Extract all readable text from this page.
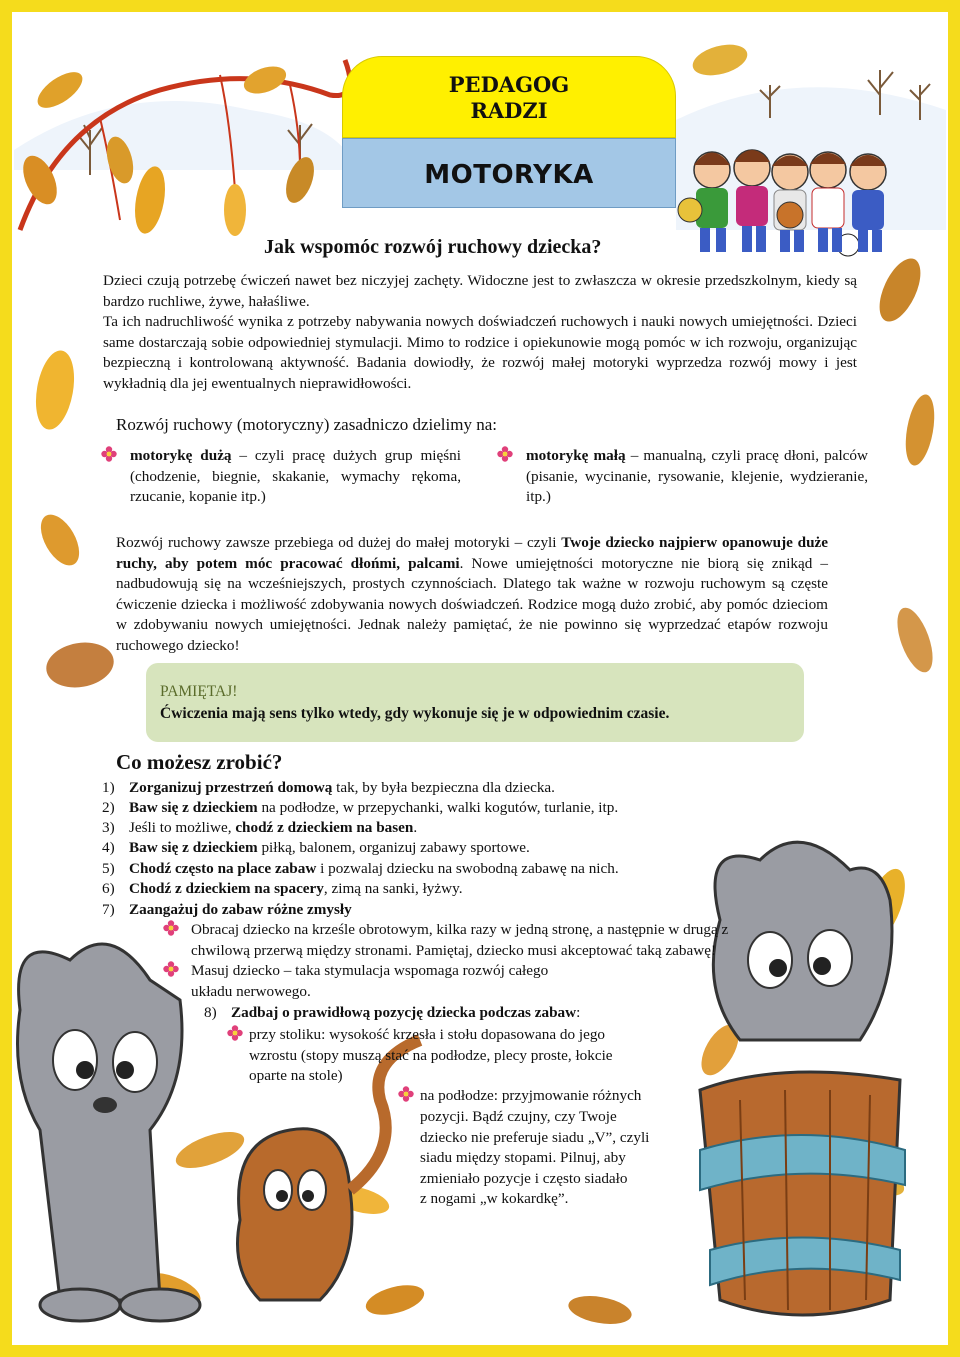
PEDAGOG
RADZI
MOTORYKA
Jak wspomóc rozwój ruchowy dziecka?
Dzieci czują potrzebę ćwiczeń nawet bez niczyjej zachęty. Widoczne jest to zwłaszcza w okresie przedszkolnym, kiedy są bardzo ruchliwe, żywe, hałaśliwe.
Ta ich nadruchliwość wynika z potrzeby nabywania nowych doświadczeń ruchowych i nauki nowych umiejętności. Dzieci same dostarczają sobie odpowiedniej stymulacji. Mimo to rodzice i opiekunowie mogą pomóc w ich rozwoju, organizując bezpieczną i kontrolowaną aktywność. Badania dowiodły, że rozwój małej motoryki wyprzedza rozwój mowy i jest wykładnią dla jej ewentualnych nieprawidłowości.
Rozwój ruchowy (motoryczny) zasadniczo dzielimy na:
motorykę dużą – czyli pracę dużych grup mięśni (chodzenie, biegnie, skakanie, wymachy rękoma, rzucanie, kopanie itp.)
motorykę małą – manualną, czyli pracę dłoni, palców (pisanie, wycinanie, rysowanie, klejenie, wydzieranie, itp.)
Rozwój ruchowy zawsze przebiega od dużej do małej motoryki – czyli Twoje dziecko najpierw opanowuje duże ruchy, aby potem móc pracować dłońmi, palcami. Nowe umiejętności motoryczne nie biorą się znikąd – nadbudowują się na wcześniejszych, prostych czynnościach. Dlatego tak ważne w rozwoju ruchowym są częste ćwiczenie dziecka i możliwość zdobywania nowych doświadczeń. Rodzice mogą dużo zrobić, aby pomóc dzieciom w zdobywaniu nowych umiejętności. Jednak należy pamiętać, że nie powinno się wyprzedzać etapów rozwoju ruchowego dziecko!
PAMIĘTAJ!
Ćwiczenia mają sens tylko wtedy, gdy wykonuje się je w odpowiednim czasie.
Co możesz zrobić?
1) Zorganizuj przestrzeń domową tak, by była bezpieczna dla dziecka.
2) Baw się z dzieckiem na podłodze, w przepychanki, walki kogutów, turlanie, itp.
3) Jeśli to możliwe, chodź z dzieckiem na basen.
4) Baw się z dzieckiem piłką, balonem, organizuj zabawy sportowe.
5) Chodź często na place zabaw i pozwalaj dziecku na swobodną zabawę na nich.
6) Chodź z dzieckiem na spacery, zimą na sanki, łyżwy.
7) Zaangażuj do zabaw różne zmysły
Obracaj dziecko na krześle obrotowym, kilka razy w jedną stronę, a następnie w drugą z
chwilową przerwą między stronami. Pamiętaj, dziecko musi akceptować taką zabawę!
Masuj dziecko – taka stymulacja wspomaga rozwój całego
układu nerwowego.
8) Zadbaj o prawidłową pozycję dziecka podczas zabaw:
przy stoliku: wysokość krzesła i stołu dopasowana do jego
wzrostu (stopy muszą stać na podłodze, plecy proste, łokcie
oparte na stole)
na podłodze: przyjmowanie różnych
pozycji. Bądź czujny, czy Twoje
dziecko nie preferuje siadu „V”, czyli
siadu między stopami. Pilnuj, aby
zmieniało pozycje i często siadało
z nogami „w kokardkę”.
